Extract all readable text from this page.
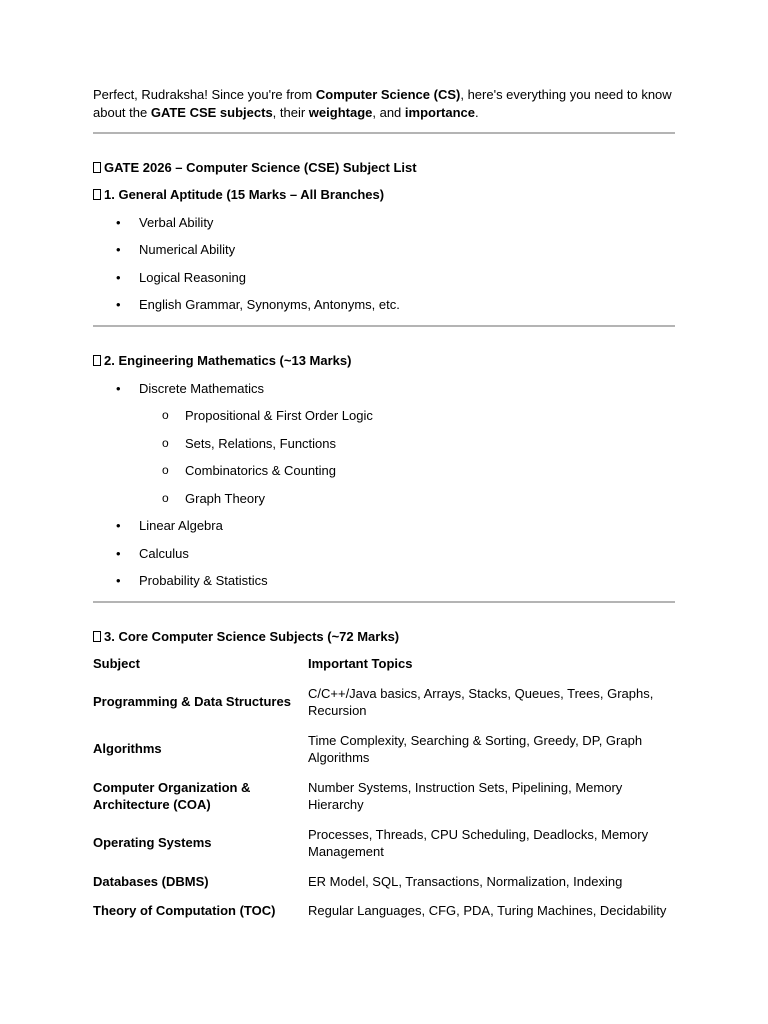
Perfect, Rudraksha! Since you're from Computer Science (CS), here's everything you need to know about the GATE CSE subjects, their weightage, and importance.

GATE 2026 – Computer Science (CSE) Subject List

1. General Aptitude (15 Marks – All Branches)

• Verbal Ability
• Numerical Ability
• Logical Reasoning
• English Grammar, Synonyms, Antonyms, etc.

2. Engineering Mathematics (~13 Marks)

• Discrete Mathematics
o Propositional & First Order Logic
o Sets, Relations, Functions
o Combinatorics & Counting
o Graph Theory
• Linear Algebra
• Calculus
• Probability & Statistics

3. Core Computer Science Subjects (~72 Marks)

Subject	Important Topics
Programming & Data Structures	C/C++/Java basics, Arrays, Stacks, Queues, Trees, Graphs, Recursion
Algorithms	Time Complexity, Searching & Sorting, Greedy, DP, Graph Algorithms
Computer Organization & Architecture (COA)	Number Systems, Instruction Sets, Pipelining, Memory Hierarchy
Operating Systems	Processes, Threads, CPU Scheduling, Deadlocks, Memory Management
Databases (DBMS)	ER Model, SQL, Transactions, Normalization, Indexing
Theory of Computation (TOC)	Regular Languages, CFG, PDA, Turing Machines, Decidability
